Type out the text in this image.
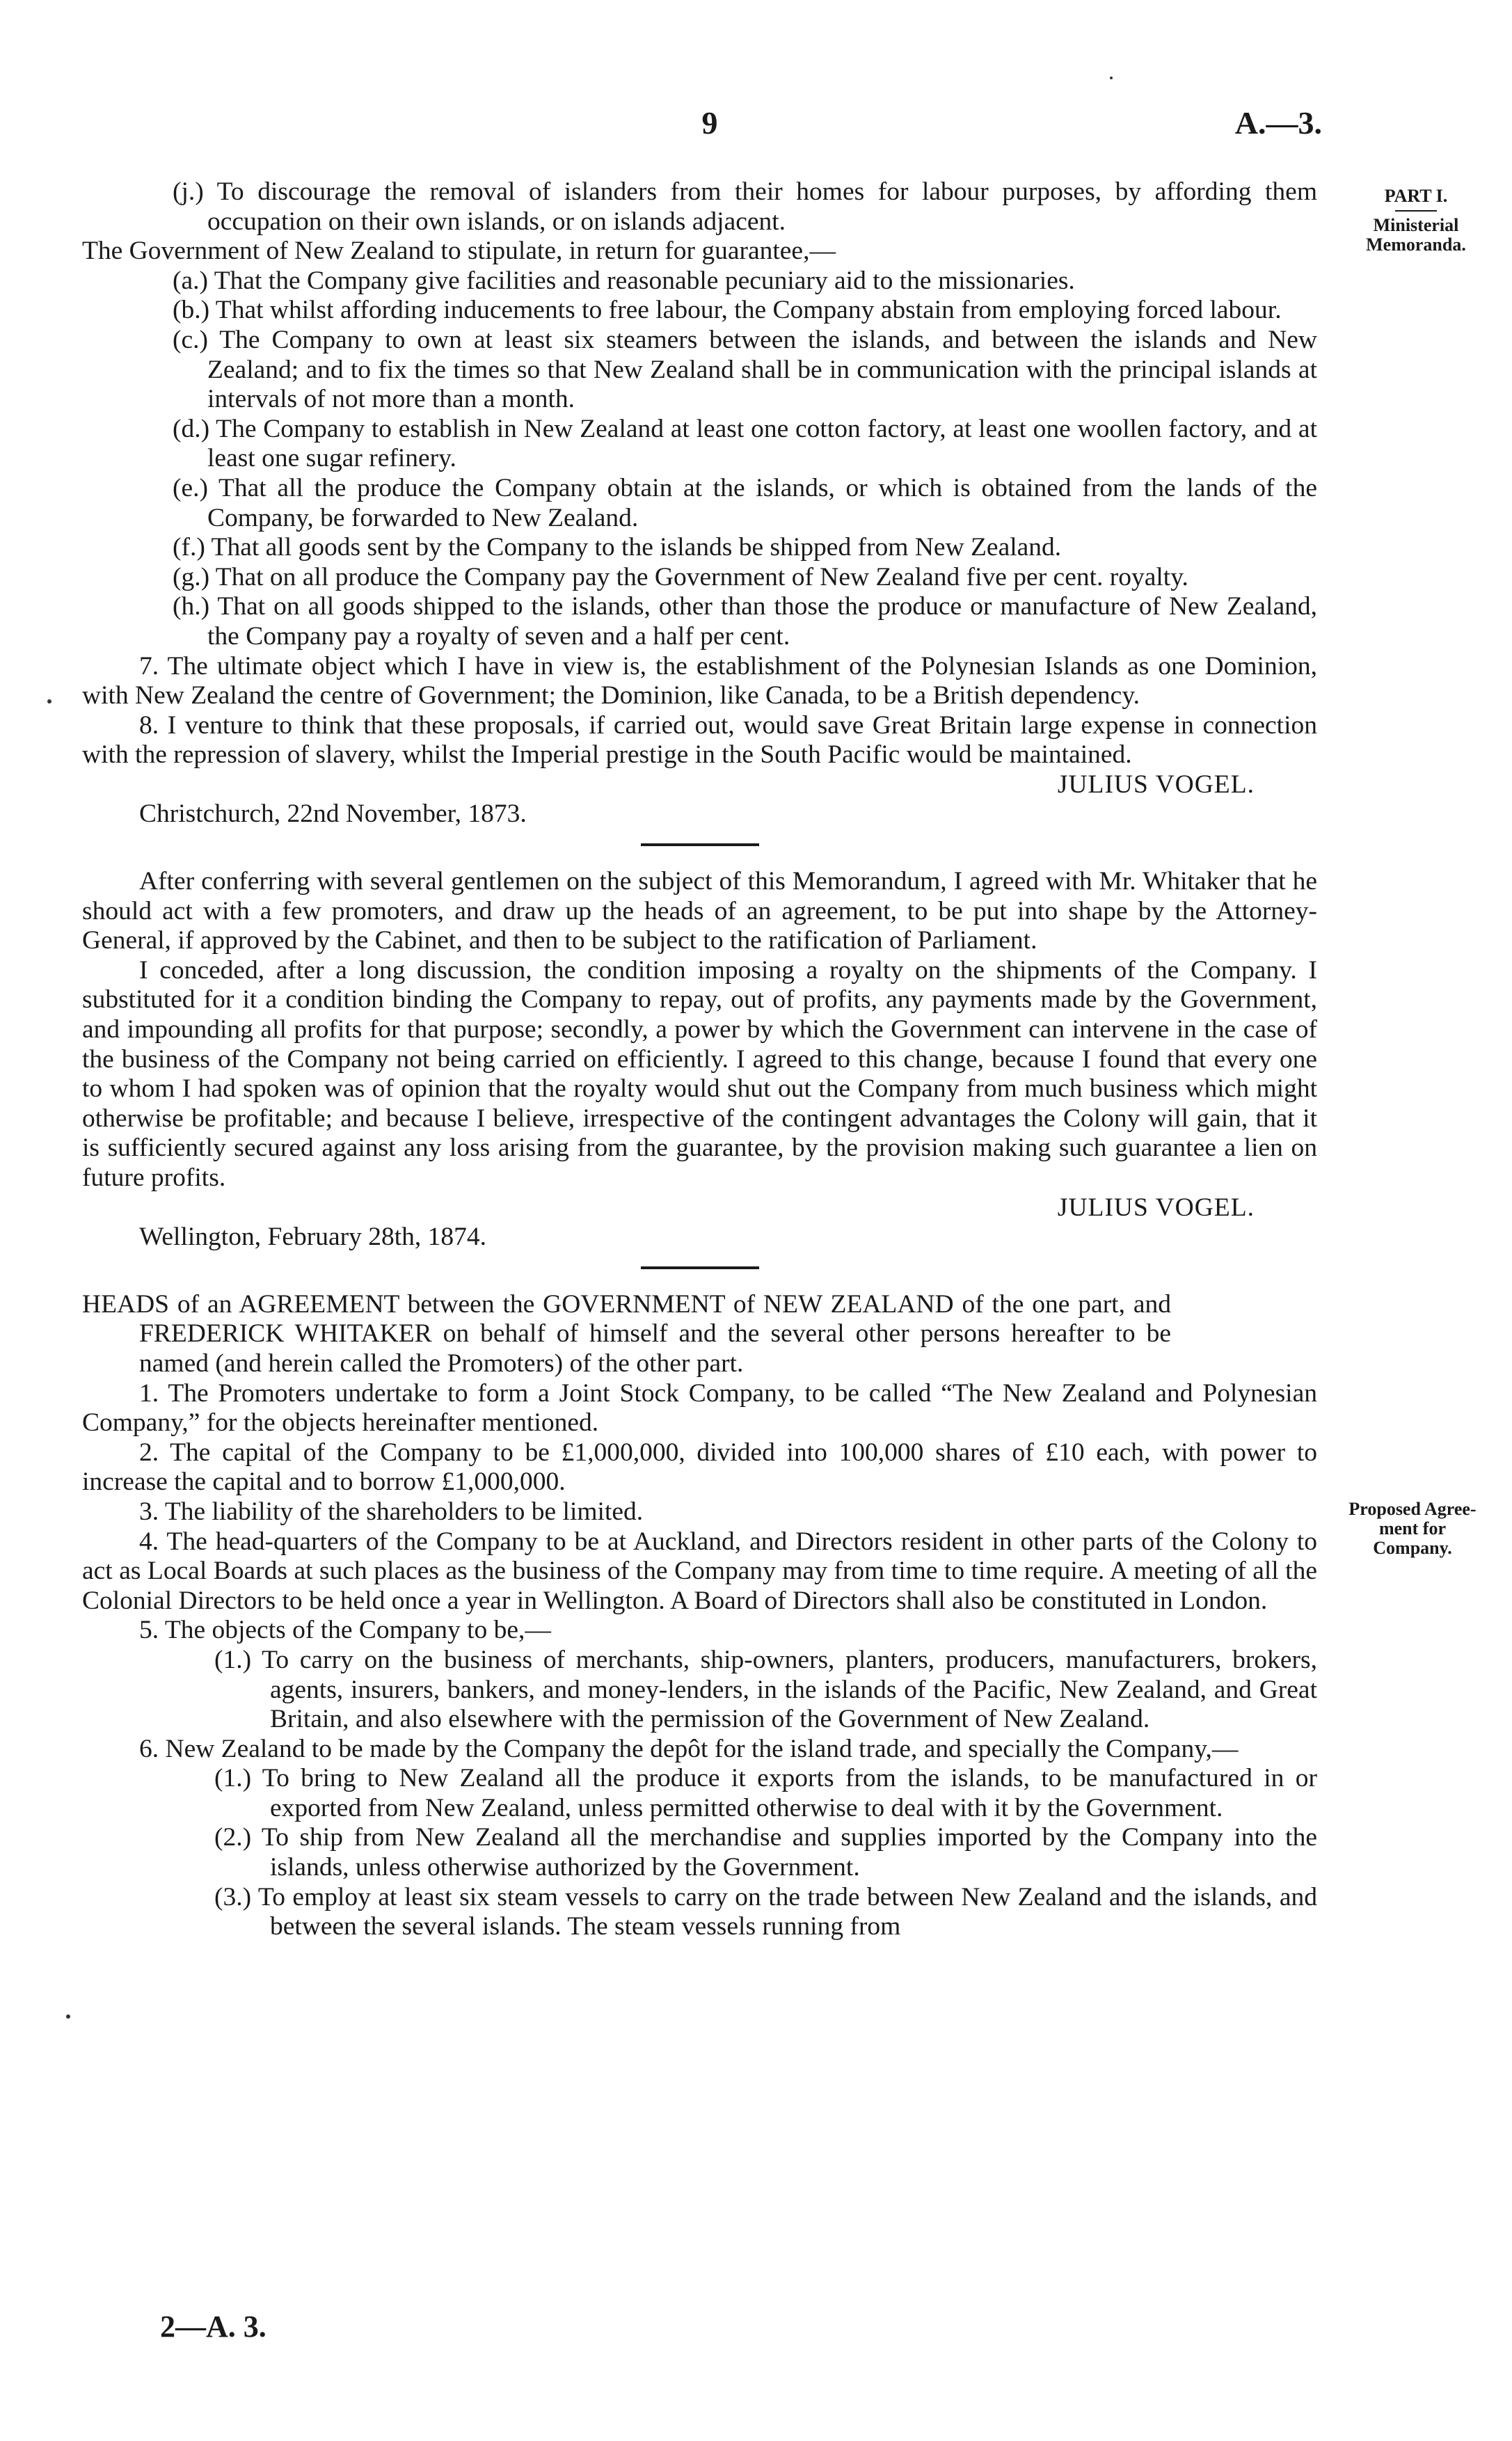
9	A.—3.
PART I.
Ministerial Memoranda.
Proposed Agree-ment for Company.

(j.) To discourage the removal of islanders from their homes for labour purposes, by affording them occupation on their own islands, or on islands adjacent.

The Government of New Zealand to stipulate, in return for guarantee,—

(a.) That the Company give facilities and reasonable pecuniary aid to the missionaries.

(b.) That whilst affording inducements to free labour, the Company abstain from employing forced labour.

(c.) The Company to own at least six steamers between the islands, and between the islands and New Zealand; and to fix the times so that New Zealand shall be in communication with the principal islands at intervals of not more than a month.

(d.) The Company to establish in New Zealand at least one cotton factory, at least one woollen factory, and at least one sugar refinery.

(e.) That all the produce the Company obtain at the islands, or which is obtained from the lands of the Company, be forwarded to New Zealand.

(f.) That all goods sent by the Company to the islands be shipped from New Zealand.

(g.) That on all produce the Company pay the Government of New Zealand five per cent. royalty.

(h.) That on all goods shipped to the islands, other than those the produce or manufacture of New Zealand, the Company pay a royalty of seven and a half per cent.

7. The ultimate object which I have in view is, the establishment of the Polynesian Islands as one Dominion, with New Zealand the centre of Government; the Dominion, like Canada, to be a British dependency.

8. I venture to think that these proposals, if carried out, would save Great Britain large expense in connection with the repression of slavery, whilst the Imperial prestige in the South Pacific would be maintained.

JULIUS VOGEL.

Christchurch, 22nd November, 1873.

After conferring with several gentlemen on the subject of this Memorandum, I agreed with Mr. Whitaker that he should act with a few promoters, and draw up the heads of an agreement, to be put into shape by the Attorney-General, if approved by the Cabinet, and then to be subject to the ratification of Parliament.

I conceded, after a long discussion, the condition imposing a royalty on the shipments of the Company. I substituted for it a condition binding the Company to repay, out of profits, any payments made by the Government, and impounding all profits for that purpose; secondly, a power by which the Government can intervene in the case of the business of the Company not being carried on efficiently. I agreed to this change, because I found that every one to whom I had spoken was of opinion that the royalty would shut out the Company from much business which might otherwise be profitable; and because I believe, irrespective of the contingent advantages the Colony will gain, that it is sufficiently secured against any loss arising from the guarantee, by the provision making such guarantee a lien on future profits.

JULIUS VOGEL.

Wellington, February 28th, 1874.

HEADS of an AGREEMENT between the GOVERNMENT of NEW ZEALAND of the one part, and FREDERICK WHITAKER on behalf of himself and the several other persons hereafter to be named (and herein called the Promoters) of the other part.

1. The Promoters undertake to form a Joint Stock Company, to be called “The New Zealand and Polynesian Company,” for the objects hereinafter mentioned.

2. The capital of the Company to be £1,000,000, divided into 100,000 shares of £10 each, with power to increase the capital and to borrow £1,000,000.

3. The liability of the shareholders to be limited.

4. The head-quarters of the Company to be at Auckland, and Directors resident in other parts of the Colony to act as Local Boards at such places as the business of the Company may from time to time require. A meeting of all the Colonial Directors to be held once a year in Wellington. A Board of Directors shall also be constituted in London.

5. The objects of the Company to be,—

(1.) To carry on the business of merchants, ship-owners, planters, producers, manufacturers, brokers, agents, insurers, bankers, and money-lenders, in the islands of the Pacific, New Zealand, and Great Britain, and also elsewhere with the permission of the Government of New Zealand.

6. New Zealand to be made by the Company the depôt for the island trade, and specially the Company,—

(1.) To bring to New Zealand all the produce it exports from the islands, to be manufactured in or exported from New Zealand, unless permitted otherwise to deal with it by the Government.

(2.) To ship from New Zealand all the merchandise and supplies imported by the Company into the islands, unless otherwise authorized by the Government.

(3.) To employ at least six steam vessels to carry on the trade between New Zealand and the islands, and between the several islands. The steam vessels running from

2—A. 3.
